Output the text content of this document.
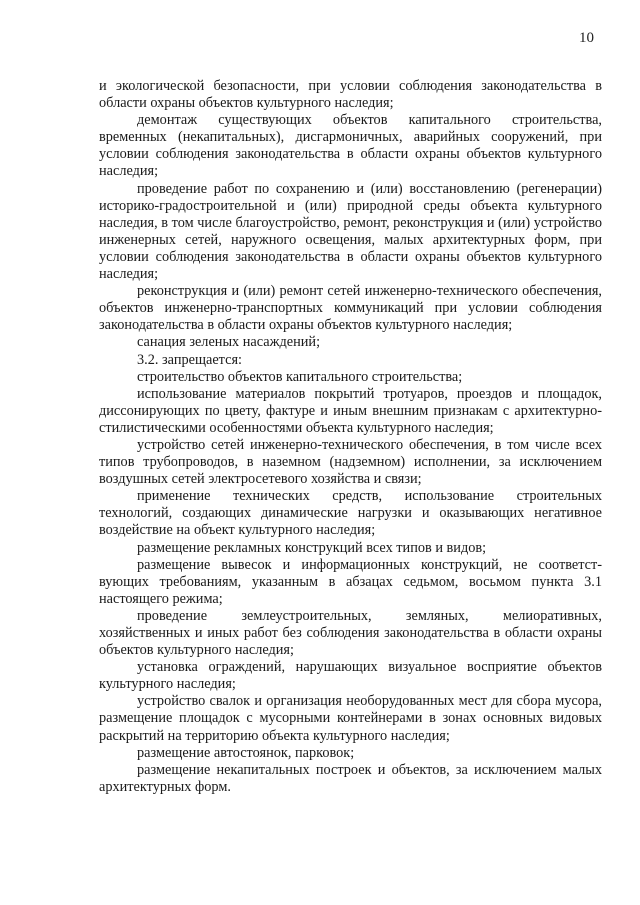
10

и экологической безопасности, при условии соблюдения законодательства в области охраны объектов культурного наследия;

демонтаж существующих объектов капитального строительства, временных (некапитальных), дисгармоничных, аварийных сооружений, при условии соблюдения законодательства в области охраны объектов культурного наследия;

проведение работ по сохранению и (или) восстановлению (регенерации) историко-градостроительной и (или) природной среды объекта культурного наследия, в том числе благоустройство, ремонт, реконструкция и (или) устройство инженерных сетей, наружного освещения, малых архитектурных форм, при условии соблюдения законодательства в области охраны объектов культурного наследия;

реконструкция и (или) ремонт сетей инженерно-технического обеспечения, объектов инженерно-транспортных коммуникаций при условии соблюдения законодательства в области охраны объектов культурного наследия;

санация зеленых насаждений;

3.2. запрещается:

строительство объектов капитального строительства;

использование материалов покрытий тротуаров, проездов и площадок, диссонирующих по цвету, фактуре и иным внешним признакам с архитектурно-стилистическими особенностями объекта культурного наследия;

устройство сетей инженерно-технического обеспечения, в том числе всех типов трубопроводов, в наземном (надземном) исполнении, за исключением воздушных сетей электросетевого хозяйства и связи;

применение технических средств, использование строительных технологий, создающих динамические нагрузки и оказывающих негативное воздействие на объект культурного наследия;

размещение рекламных конструкций всех типов и видов;

размещение вывесок и информационных конструкций, не соответст-вующих требованиям, указанным в абзацах седьмом, восьмом пункта 3.1 настоящего режима;

проведение землеустроительных, земляных, мелиоративных, хозяйственных и иных работ без соблюдения законодательства в области охраны объектов культурного наследия;

установка ограждений, нарушающих визуальное восприятие объектов культурного наследия;

устройство свалок и организация необорудованных мест для сбора мусора, размещение площадок с мусорными контейнерами в зонах основных видовых раскрытий на территорию объекта культурного наследия;

размещение автостоянок, парковок;

размещение некапитальных построек и объектов, за исключением малых архитектурных форм.
